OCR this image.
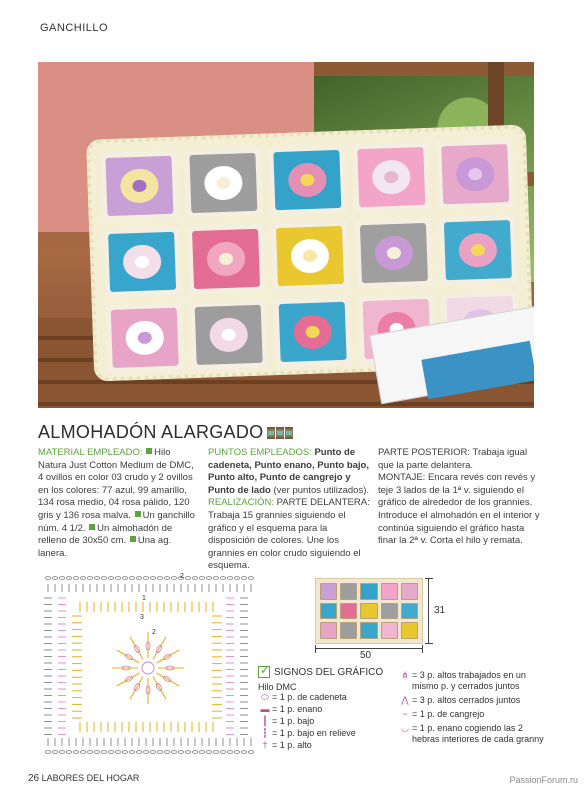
GANCHILLO
ALMOHADÓN ALARGADO
MATERIAL EMPLEADO: Hilo Natura Just Cotton Medium de DMC, 4 ovillos en color 03 crudo y 2 ovillos en los colores: 77 azul, 99 amarillo, 134 rosa medio, 04 rosa pálido, 120 gris y 136 rosa malva. Un ganchillo núm. 4 1/2. Un almohadón de relleno de 30x50 cm. Una ag. lanera.
PUNTOS EMPLEADOS: Punto de cadeneta, Punto enano, Punto bajo, Punto alto, Punto de cangrejo y Punto de lado (ver puntos utilizados).
REALIZACIÓN: PARTE DELANTERA: Trabaja 15 grannies siguiendo el gráfico y el esquema para la disposición de colores. Une los grannies en color crudo siguiendo el esquema.
PARTE POSTERIOR: Trabaja igual que la parte delantera.
MONTAJE: Encara revés con revés y teje 3 lados de la 1ª v. siguiendo el gráfico de alrededor de los grannies. Introduce el almohadón en el interior y continúa siguiendo el gráfico hasta finar la 2ª v. Corta el hilo y remata.
2
1
3
2
31
50
✓
SIGNOS DEL GRÁFICO
Hilo DMC
⬭ = 1 p. de cadeneta
▬ = 1 p. enano
┃ = 1 p. bajo
┇ = 1 p. bajo en relieve
† = 1 p. alto
⋔ = 3 p. altos trabajados en un mismo p. y cerrados juntos
⋀ = 3 p. altos cerrados juntos
~ = 1 p. de cangrejo
◡ = 1 p. enano cogiendo las 2 hebras interiores de cada granny
26 LABORES DEL HOGAR	PassionForum.ru
